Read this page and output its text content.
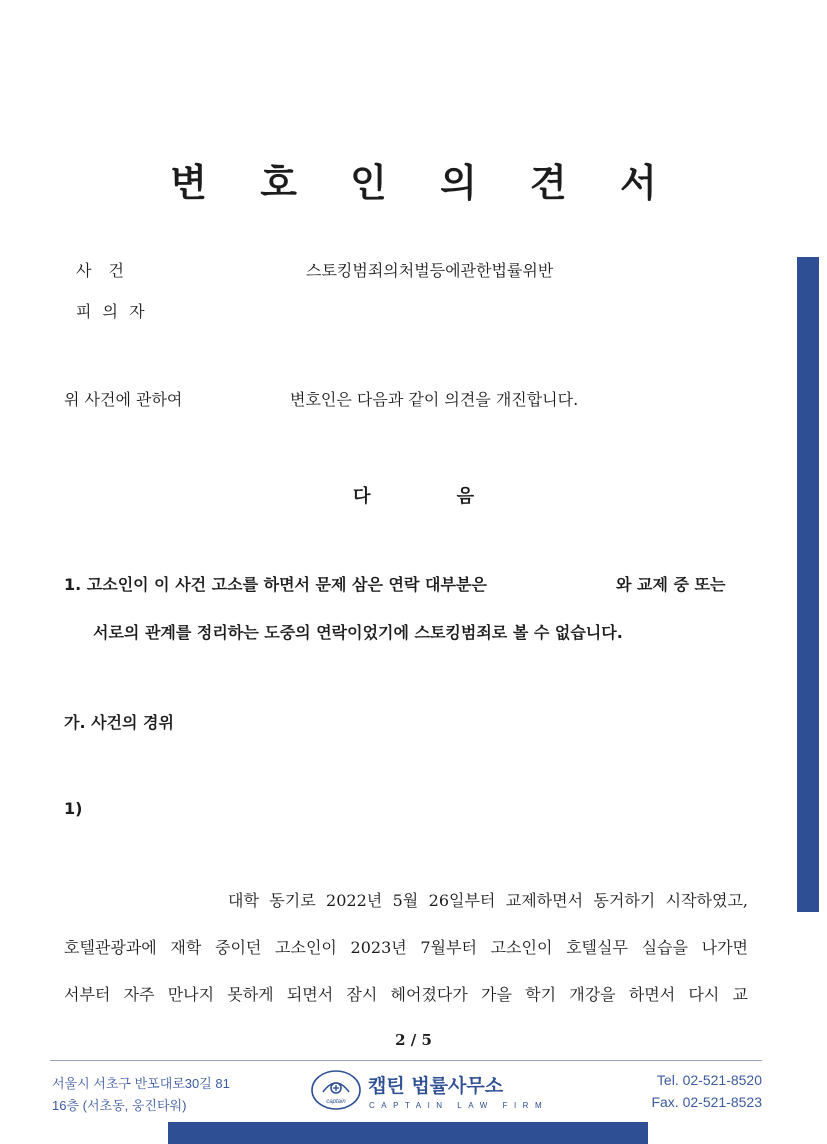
변 호 인 의 견 서
사 건	스토킹범죄의처벌등에관한법률위반
피 의 자
위 사건에 관하여	변호인은 다음과 같이 의견을 개진합니다.
다 음
1. 고소인이 이 사건 고소를 하면서 문제 삼은 연락 대부분은	와 교제 중 또는
서로의 관계를 정리하는 도중의 연락이었기에 스토킹범죄로 볼 수 없습니다.
가. 사건의 경위
1)
대학 동기로 2022년 5월 26일부터 교제하면서 동거하기 시작하였고,
호텔관광과에 재학 중이던 고소인이 2023년 7월부터 고소인이 호텔실무 실습을 나가면
서부터 자주 만나지 못하게 되면서 잠시 헤어졌다가 가을 학기 개강을 하면서 다시 교
2 / 5
서울시 서초구 반포대로30길 81
16층 (서초동, 웅진타워)	captain
캡틴 법률사무소
CAPTAIN LAW FIRM
Tel. 02-521-8520
Fax. 02-521-8523
